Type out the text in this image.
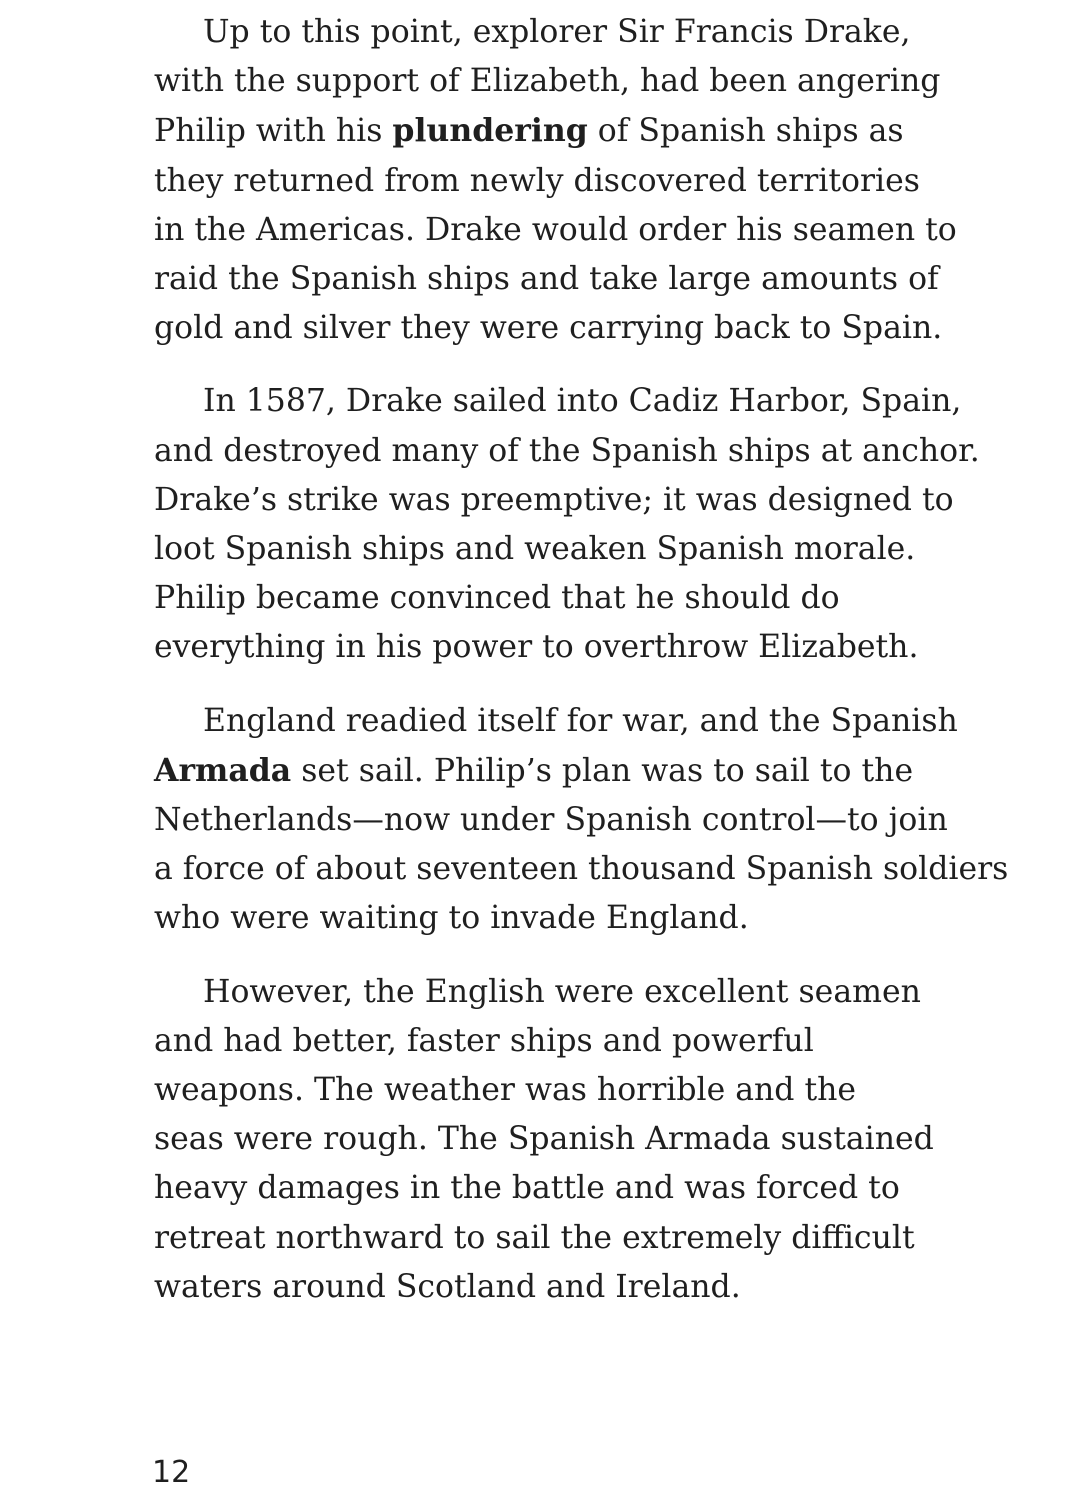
Up to this point, explorer Sir Francis Drake,
with the support of Elizabeth, had been angering
Philip with his plundering of Spanish ships as
they returned from newly discovered territories
in the Americas. Drake would order his seamen to
raid the Spanish ships and take large amounts of
gold and silver they were carrying back to Spain.
In 1587, Drake sailed into Cadiz Harbor, Spain,
and destroyed many of the Spanish ships at anchor.
Drake’s strike was preemptive; it was designed to
loot Spanish ships and weaken Spanish morale.
Philip became convinced that he should do
everything in his power to overthrow Elizabeth.
England readied itself for war, and the Spanish
Armada set sail. Philip’s plan was to sail to the
Netherlands—now under Spanish control—to join
a force of about seventeen thousand Spanish soldiers
who were waiting to invade England.
However, the English were excellent seamen
and had better, faster ships and powerful
weapons. The weather was horrible and the
seas were rough. The Spanish Armada sustained
heavy damages in the battle and was forced to
retreat northward to sail the extremely difficult
waters around Scotland and Ireland.
12
